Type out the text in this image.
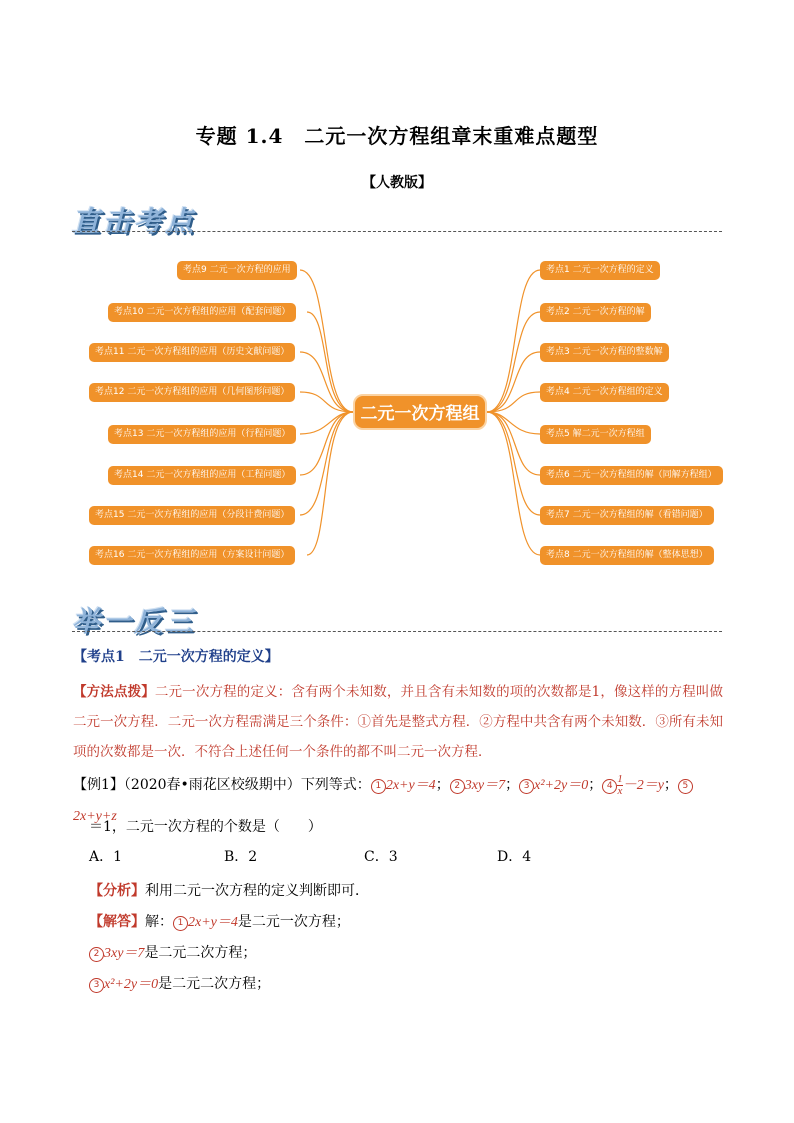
专题 1.4　二元一次方程组章末重难点题型
【人教版】
直击考点
考点9 二元一次方程的应用
考点10 二元一次方程组的应用（配套问题）
考点11 二元一次方程组的应用（历史文献问题）
考点12 二元一次方程组的应用（几何图形问题）
考点13 二元一次方程组的应用（行程问题）
考点14 二元一次方程组的应用（工程问题）
考点15 二元一次方程组的应用（分段计费问题）
考点16 二元一次方程组的应用（方案设计问题）
二元一次方程组
考点1 二元一次方程的定义
考点2 二元一次方程的解
考点3 二元一次方程的整数解
考点4 二元一次方程组的定义
考点5 解二元一次方程组
考点6 二元一次方程组的解（同解方程组）
考点7 二元一次方程组的解（看错问题）
考点8 二元一次方程组的解（整体思想）
举一反三
【考点1　二元一次方程的定义】
【方法点拨】二元一次方程的定义：含有两个未知数，并且含有未知数的项的次数都是1，像这样的方程叫做二元一次方程．二元一次方程需满足三个条件：①首先是整式方程．②方程中共含有两个未知数．③所有未知项的次数都是一次．不符合上述任何一个条件的都不叫二元一次方程．
【例1】（2020春•雨花区校级期中）下列等式： 1 2x+y＝4； 2 3xy＝7； 3 x²+2y＝0； $4 \frac{1}{x} -2=y$； 52x+y+z
＝1，二元一次方程的个数是（　　）
A．1	B．2	C．3	D．4
【分析】利用二元一次方程的定义判断即可．
【解答】解： 1 2x+y＝4是二元一次方程；
2 3xy＝7是二元二次方程；
3 x²+2y＝0是二元二次方程；
